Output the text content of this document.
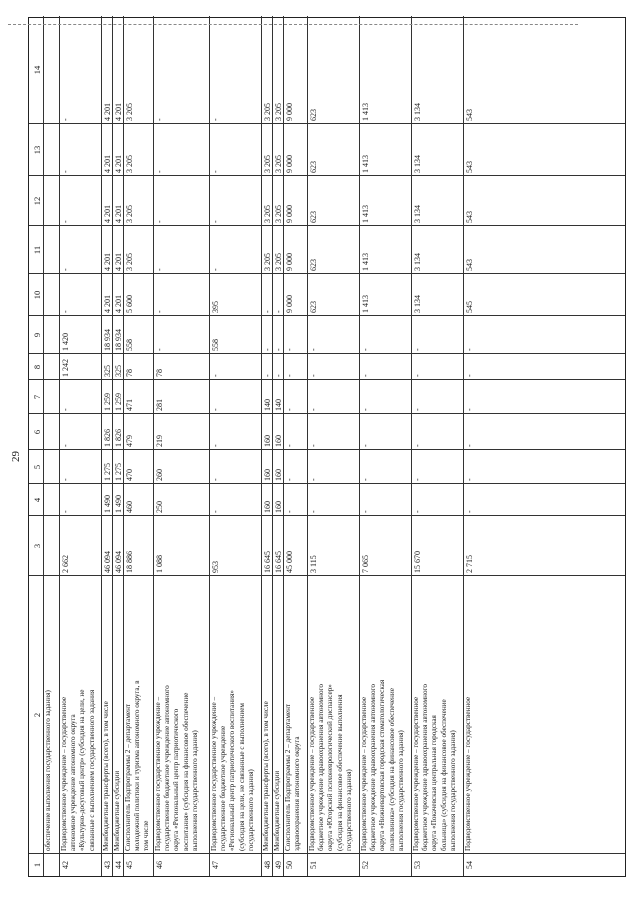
29
1
2
3
4
5
6
7
8
9
10
11
12
13
14
обеспечение выполнения государственного задания)
42
Подведомственное учреждение – государственное
автономное учреждение автономного округа
«Культурно-досуговый центр» (субсидия на цели, не
связанные с выполнением государственного задания
2 662
-
-
-
-
1 242
1 420
-
-
-
-
-
43
Межбюджетные трансферты (всего), в том числе
46 094
1 490
1 275
1 826
1 259
325
18 934
4 201
4 201
4 201
4 201
4 201
44
Межбюджетные субсидии
46 094
1 490
1 275
1 826
1 259
325
18 934
4 201
4 201
4 201
4 201
4 201
45
Соисполнитель Подпрограммы 2 – департамент
молодежной политики и туризма автономного округа, в
том числе
18 886
460
470
479
471
78
558
5 600
3 205
3 205
3 205
3 205
46
Подведомственное государственное учреждение –
государственное бюджетное учреждение автономного
округа «Региональный центр патриотического
воспитания» (субсидия на финансовое обеспечение
выполнения государственного задания)
1 088
250
260
219
281
78
-
-
-
-
-
-
47
Подведомственное государственное учреждение –
государственное бюджетное учреждение
«Региональный центр патриотического воспитания»
(субсидия на цели, не связанные с выполнением
государственного задания)
953
-
-
-
-
-
558
395
-
-
-
-
48
Межбюджетные трансферты (всего), в том числе
16 645
160
160
160
140
-
-
-
3 205
3 205
3 205
3 205
49
Межбюджетные субсидии
16 645
160
160
160
140
-
-
-
3 205
3 205
3 205
3 205
50
Соисполнитель Подпрограммы 2 – департамент
здравоохранения автономного округа
45 000
-
-
-
-
-
-
9 000
9 000
9 000
9 000
9 000
51
Подведомственное учреждение – государственное
бюджетное учреждение здравоохранения автономного
округа «Югорский психоневрологический диспансер»
(субсидия на финансовое обеспечение выполнения
государственного задания)
3 115
-
-
-
-
-
-
623
623
623
623
623
52
Подведомственное учреждение – государственное
бюджетное учреждение здравоохранения автономного
округа «Нижневартовская городская стоматологическая
поликлиника» (субсидия на финансовое обеспечение
выполнения государственного задания)
7 065
-
-
-
-
-
-
1 413
1 413
1 413
1 413
1 413
53
Подведомственное учреждение – государственное
бюджетное учреждение здравоохранения автономного
округа «Покачевская центральная городская
больница» (субсидия на финансовое обеспечение
выполнения государственного задания)
15 670
-
-
-
-
-
-
3 134
3 134
3 134
3 134
3 134
54
Подведомственное учреждение – государственное
2 715
-
-
-
-
-
-
545
543
543
543
543
